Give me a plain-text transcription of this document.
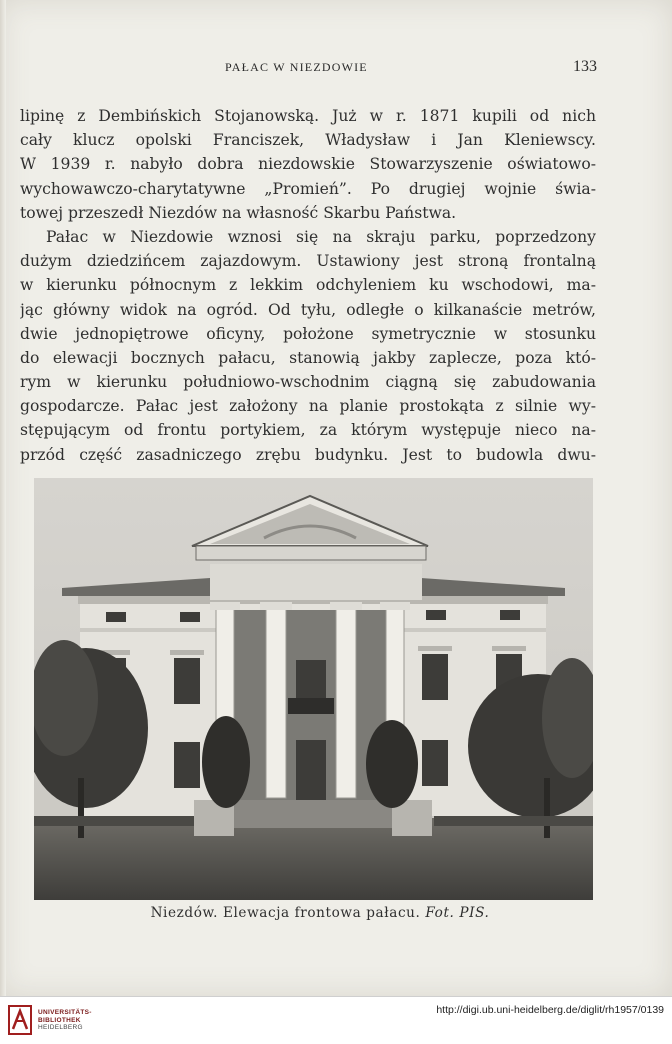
PAŁAC W NIEZDOWIE	133
lipinę z Dembińskich Stojanowską. Już w r. 1871 kupili od nich
cały klucz opolski Franciszek, Władysław i Jan Kleniewscy.
W 1939 r. nabyło dobra niezdowskie Stowarzyszenie oświatowo-
wychowawczo-charytatywne „Promień”. Po drugiej wojnie świa-
towej przeszedł Niezdów na własność Skarbu Państwa.
Pałac w Niezdowie wznosi się na skraju parku, poprzedzony
dużym dziedzińcem zajazdowym. Ustawiony jest stroną frontalną
w kierunku północnym z lekkim odchyleniem ku wschodowi, ma-
jąc główny widok na ogród. Od tyłu, odległe o kilkanaście metrów,
dwie jednopiętrowe oficyny, położone symetrycznie w stosunku
do elewacji bocznych pałacu, stanowią jakby zaplecze, poza któ-
rym w kierunku południowo-wschodnim ciągną się zabudowania
gospodarcze. Pałac jest założony na planie prostokąta z silnie wy-
stępującym od frontu portykiem, za którym występuje nieco na-
przód część zasadniczego zrębu budynku. Jest to budowla dwu-
Niezdów. Elewacja frontowa pałacu. Fot. PIS.
UNIVERSITÄTS-
BIBLIOTHEK
HEIDELBERG
http://digi.ub.uni-heidelberg.de/diglit/rh1957/0139
